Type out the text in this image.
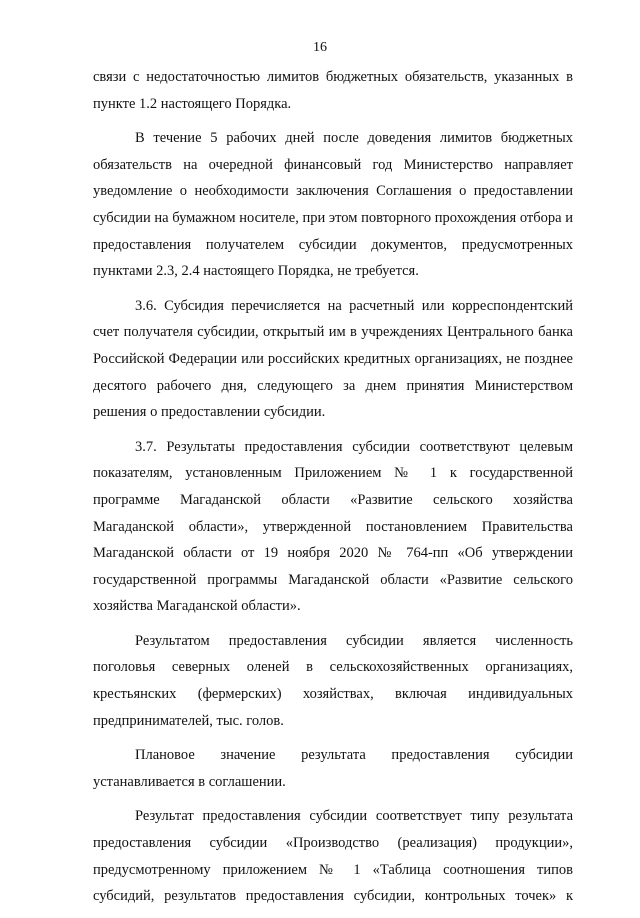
16

связи с недостаточностью лимитов бюджетных обязательств, указанных в пункте 1.2 настоящего Порядка.

В течение 5 рабочих дней после доведения лимитов бюджетных обязательств на очередной финансовый год Министерство направляет уведомление о необходимости заключения Соглашения о предоставлении субсидии на бумажном носителе, при этом повторного прохождения отбора и предоставления получателем субсидии документов, предусмотренных пунктами 2.3, 2.4 настоящего Порядка, не требуется.

3.6. Субсидия перечисляется на расчетный или корреспондентский счет получателя субсидии, открытый им в учреждениях Центрального банка Российской Федерации или российских кредитных организациях, не позднее десятого рабочего дня, следующего за днем принятия Министерством решения о предоставлении субсидии.

3.7. Результаты предоставления субсидии соответствуют целевым показателям, установленным Приложением № 1 к государственной программе Магаданской области «Развитие сельского хозяйства Магаданской области», утвержденной постановлением Правительства Магаданской области от 19 ноября 2020 № 764-пп «Об утверждении государственной программы Магаданской области «Развитие сельского хозяйства Магаданской области».

Результатом предоставления субсидии является численность поголовья северных оленей в сельскохозяйственных организациях, крестьянских (фермерских) хозяйствах, включая индивидуальных предпринимателей, тыс. голов.

Плановое значение результата предоставления субсидии устанавливается в соглашении.

Результат предоставления субсидии соответствует типу результата предоставления субсидии «Производство (реализация) продукции», предусмотренному приложением № 1 «Таблица соотношения типов субсидий, результатов предоставления субсидии, контрольных точек» к
